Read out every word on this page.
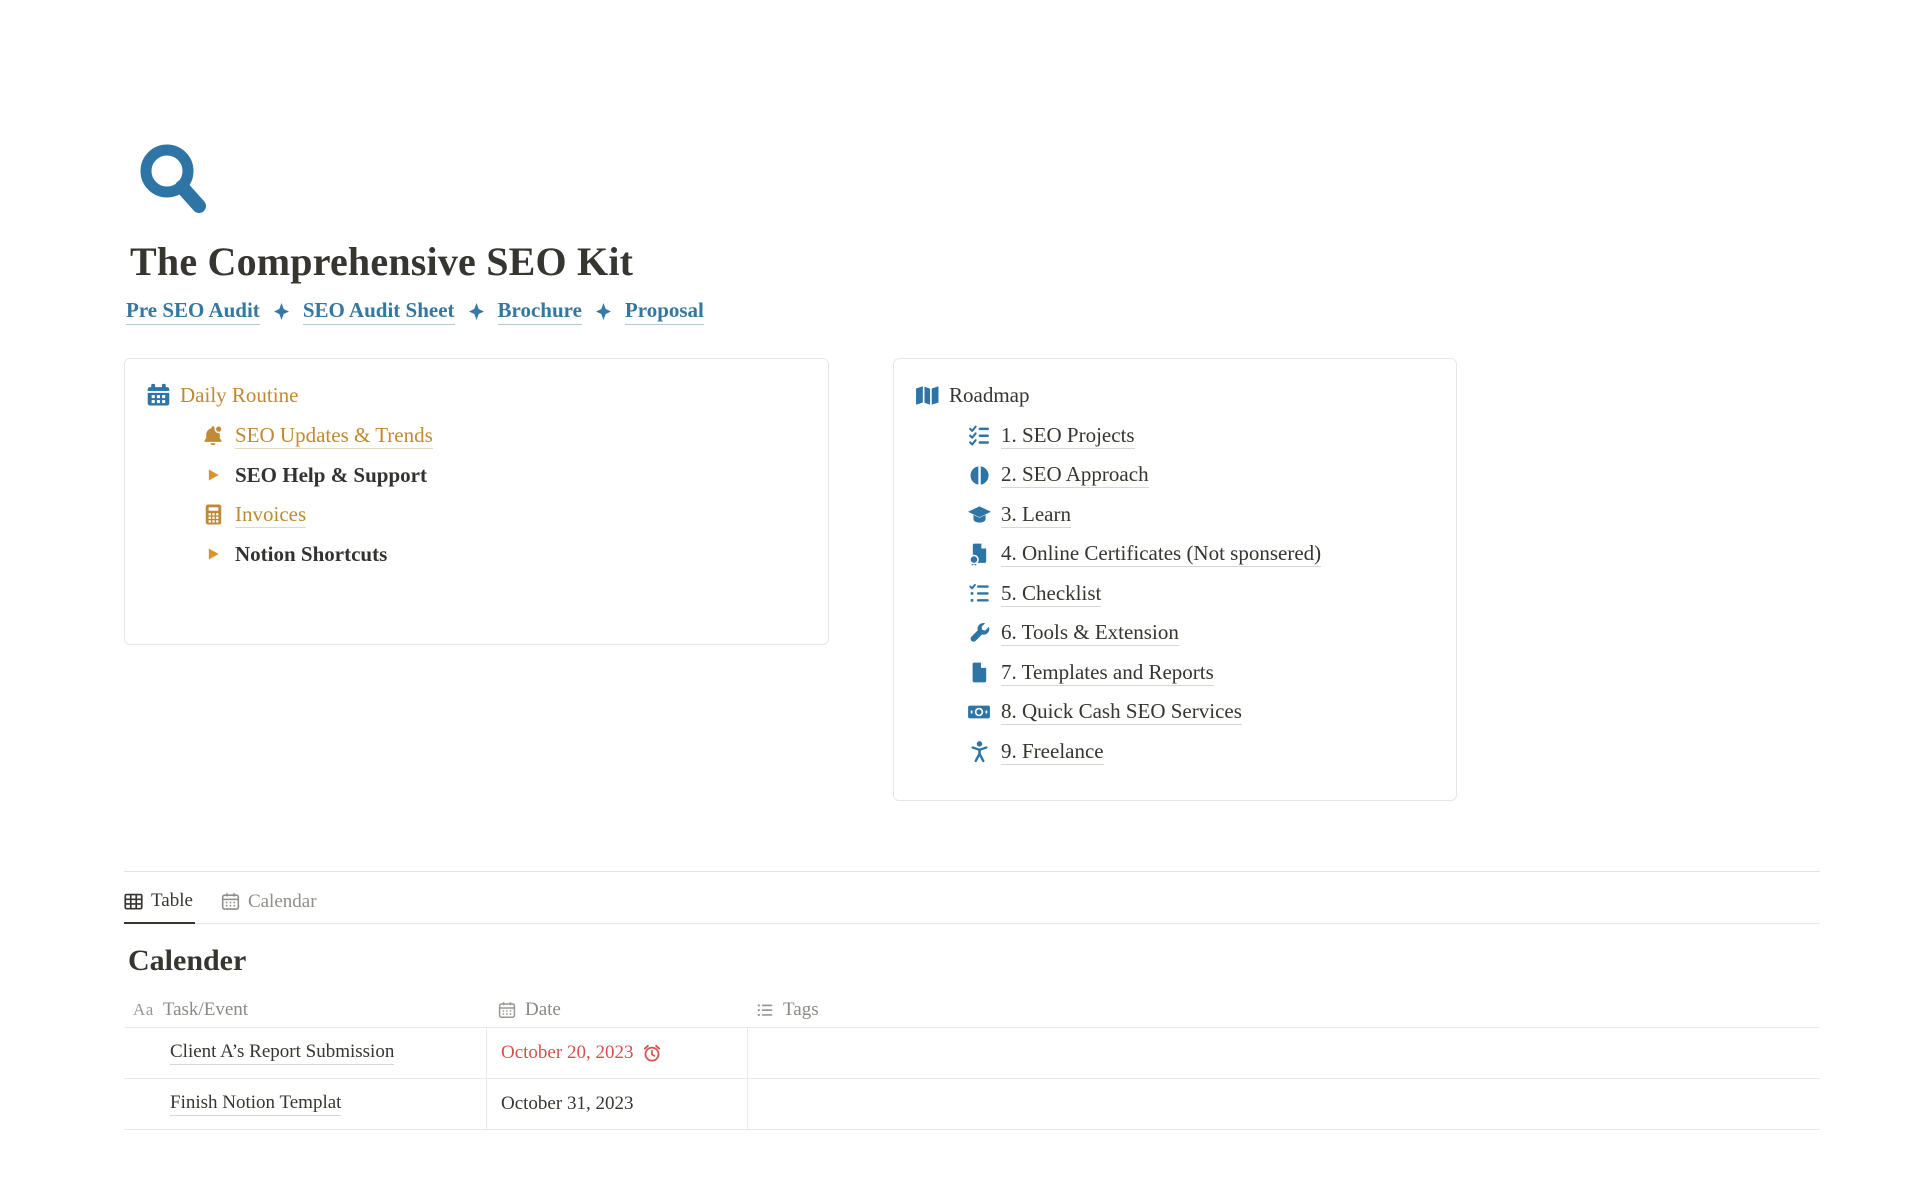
The Comprehensive SEO Kit
Pre SEO Audit SEO Audit Sheet Brochure Proposal
Daily Routine
SEO Updates & Trends
SEO Help & Support
Invoices
Notion Shortcuts
Roadmap
1. SEO Projects
2. SEO Approach
3. Learn
4. Online Certificates (Not sponsered)
5. Checklist
6. Tools & Extension
7. Templates and Reports
8. Quick Cash SEO Services
9. Freelance
Table	Calendar
Calender
Aa Task/Event	Date	Tags
Client A’s Report Submission	October 20, 2023
Finish Notion Templat	October 31, 2023
